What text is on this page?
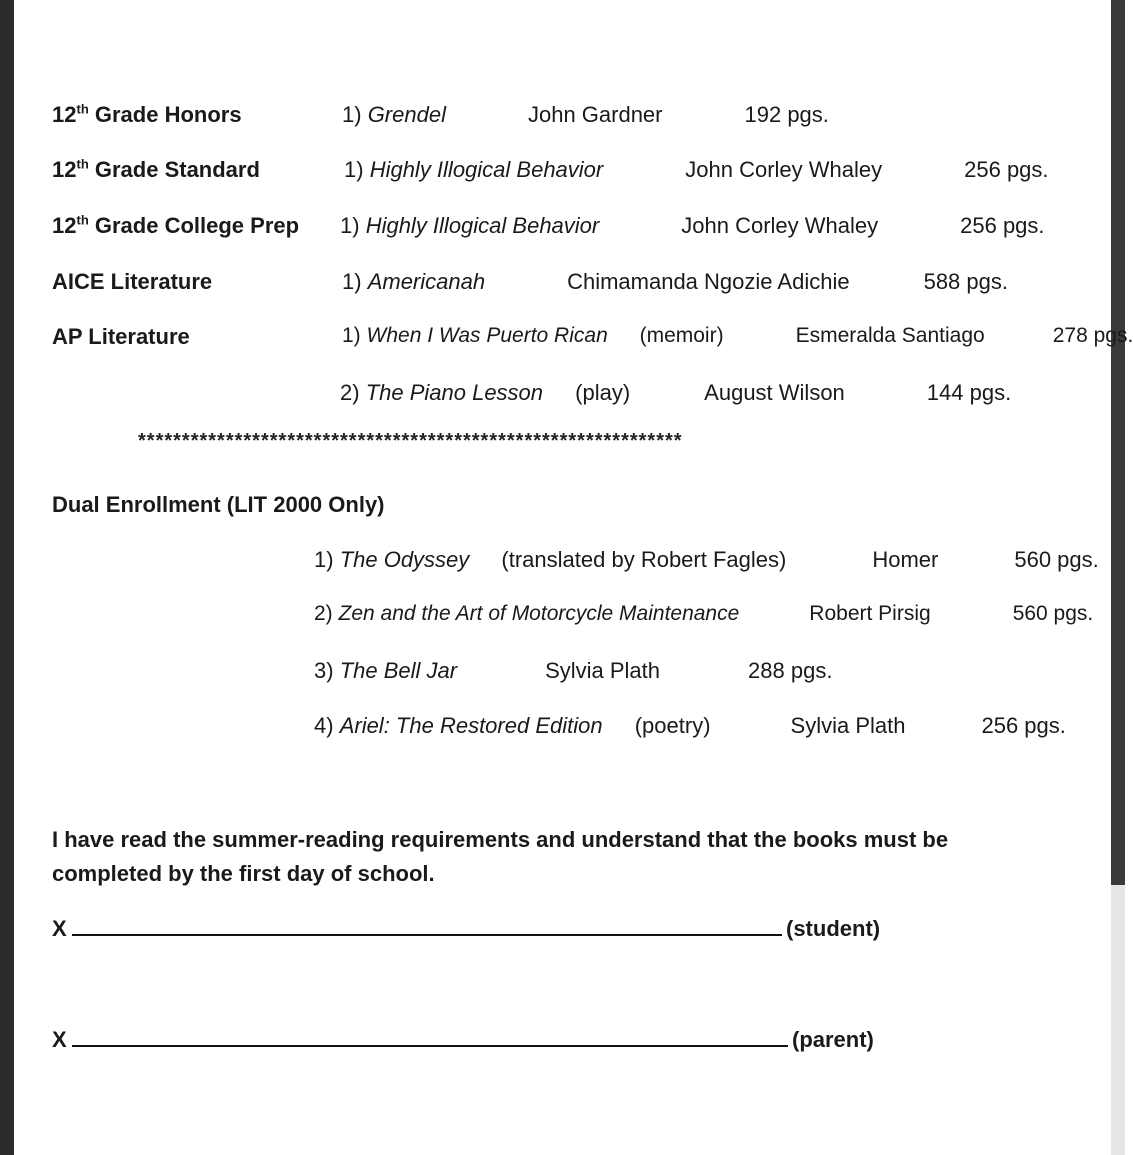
12th Grade Honors	1) Grendel	John Gardner	192 pgs.
12th Grade Standard	1) Highly Illogical Behavior	John Corley Whaley	256 pgs.
12th Grade College Prep 1) Highly Illogical Behavior	John Corley Whaley	256 pgs.
AICE Literature	1) Americanah	Chimamanda Ngozie Adichie	588 pgs.
AP Literature	1) When I Was Puerto Rican (memoir)	Esmeralda Santiago	278 pgs.
2) The Piano Lesson (play)	August Wilson	144 pgs.
**************************************************************
Dual Enrollment (LIT 2000 Only)
1) The Odyssey (translated by Robert Fagles)	Homer	560 pgs.
2) Zen and the Art of Motorcycle Maintenance	Robert Pirsig	560 pgs.
3) The Bell Jar	Sylvia Plath	288 pgs.
4) Ariel: The Restored Edition (poetry)	Sylvia Plath	256 pgs.
I have read the summer-reading requirements and understand that the books must be completed by the first day of school.
X	(student)
X	(parent)
